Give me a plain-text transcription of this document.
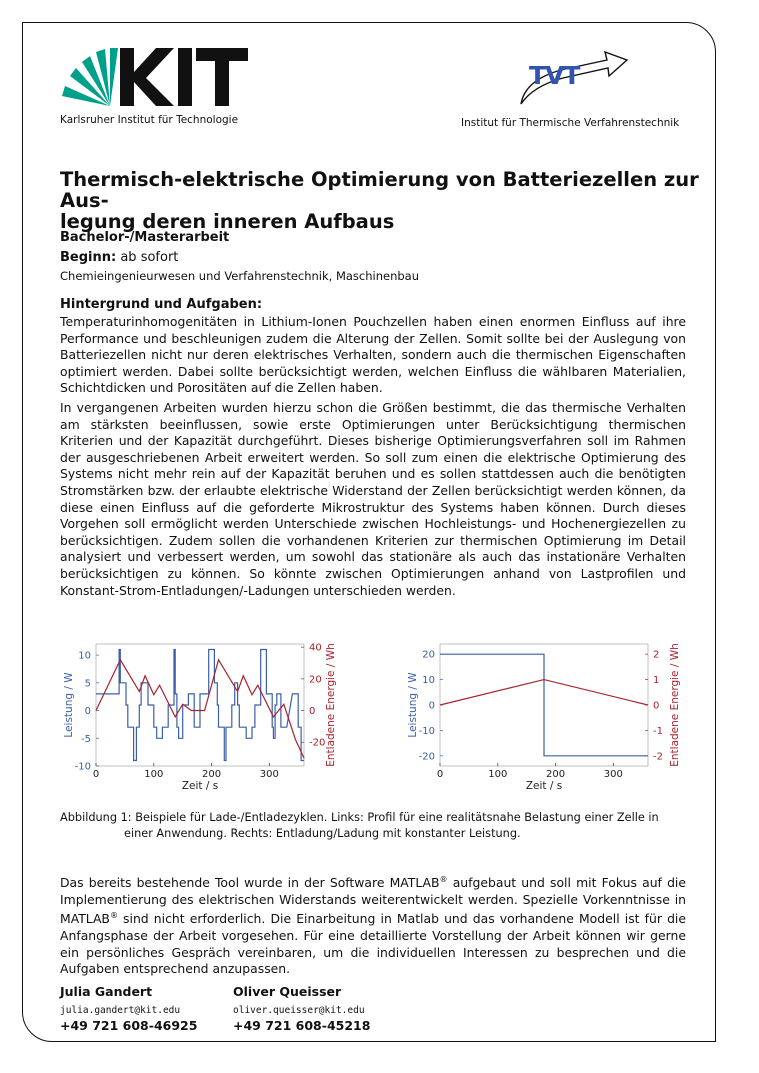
Karlsruher Institut für Technologie
TVT
Institut für Thermische Verfahrenstechnik
Thermisch-elektrische Optimierung von Batteriezellen zur Aus-
legung deren inneren Aufbaus
Bachelor-/Masterarbeit
Beginn: ab sofort
Chemieingenieurwesen und Verfahrenstechnik, Maschinenbau
Hintergrund und Aufgaben:

Temperaturinhomogenitäten in Lithium-Ionen Pouchzellen haben einen enormen Einfluss auf ihre Performance und beschleunigen zudem die Alterung der Zellen. Somit sollte bei der Auslegung von Batteriezellen nicht nur deren elektrisches Verhalten, sondern auch die thermischen Eigenschaften optimiert werden. Dabei sollte berücksichtigt werden, welchen Einfluss die wählbaren Materialien, Schichtdicken und Porositäten auf die Zellen haben.

In vergangenen Arbeiten wurden hierzu schon die Größen bestimmt, die das thermische Verhalten am stärksten beeinflussen, sowie erste Optimierungen unter Berücksichtigung thermischen Kriterien und der Kapazität durchgeführt. Dieses bisherige Optimierungsverfahren soll im Rahmen der ausgeschriebenen Arbeit erweitert werden. So soll zum einen die elektrische Optimierung des Systems nicht mehr rein auf der Kapazität beruhen und es sollen stattdessen auch die benötigten Stromstärken bzw. der erlaubte elektrische Widerstand der Zellen berücksichtigt werden können, da diese einen Einfluss auf die geforderte Mikrostruktur des Systems haben können. Durch dieses Vorgehen soll ermöglicht werden Unterschiede zwischen Hochleistungs- und Hochenergiezellen zu berücksichtigen. Zudem sollen die vorhandenen Kriterien zur thermischen Optimierung im Detail analysiert und verbessert werden, um sowohl das stationäre als auch das instationäre Verhalten berücksichtigen zu können. So könnte zwischen Optimierungen anhand von Lastprofilen und Konstant-Strom-Entladungen/-Ladungen unterschieden werden.

0	100	200	300
-10
-5
0
5
10
-20
0
20
40
Zeit / s
Leistung / W	Entladene Energie / Wh
0	100	200	300
-20
-10
0
10
20
-2
-1
0
1
2
Zeit / s
Leistung / W	Entladene Energie / Wh
Abbildung 1: Beispiele für Lade-/Entladezyklen. Links: Profil für eine realitätsnahe Belastung einer Zelle in
einer Anwendung. Rechts: Entladung/Ladung mit konstanter Leistung.

Das bereits bestehende Tool wurde in der Software MATLAB® aufgebaut und soll mit Fokus auf die Implementierung des elektrischen Widerstands weiterentwickelt werden. Spezielle Vorkenntnisse in MATLAB® sind nicht erforderlich. Die Einarbeitung in Matlab und das vorhandene Modell ist für die Anfangsphase der Arbeit vorgesehen. Für eine detaillierte Vorstellung der Arbeit können wir gerne ein persönliches Gespräch vereinbaren, um die individuellen Interessen zu besprechen und die Aufgaben entsprechend anzupassen.

Julia Gandert
julia.gandert@kit.edu
+49 721 608-46925
Oliver Queisser
oliver.queisser@kit.edu
+49 721 608-45218
